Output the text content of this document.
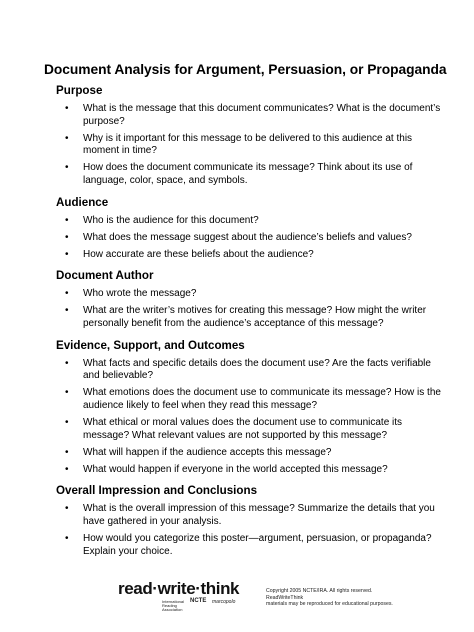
Document Analysis for Argument, Persuasion, or Propaganda
Purpose
• What is the message that this document communicates? What is the document’s purpose?
• Why is it important for this message to be delivered to this audience at this moment in time?
• How does the document communicate its message? Think about its use of language, color, space, and symbols.
Audience
• Who is the audience for this document?
• What does the message suggest about the audience’s beliefs and values?
• How accurate are these beliefs about the audience?
Document Author
• Who wrote the message?
• What are the writer’s motives for creating this message? How might the writer personally benefit from the audience’s acceptance of this message?
Evidence, Support, and Outcomes
• What facts and specific details does the document use? Are the facts verifiable and believable?
• What emotions does the document use to communicate its message? How is the audience likely to feel when they read this message?
• What ethical or moral values does the document use to communicate its message? What relevant values are not supported by this message?
• What will happen if the audience accepts this message?
• What would happen if everyone in the world accepted this message?
Overall Impression and Conclusions
• What is the overall impression of this message? Summarize the details that you have gathered in your analysis.
• How would you categorize this poster—argument, persuasion, or propaganda? Explain your choice.
read·write·think
International Reading Association
NCTE marcopolo
Copyright 2005 NCTE/IRA. All rights reserved. ReadWriteThink
materials may be reproduced for educational purposes.
